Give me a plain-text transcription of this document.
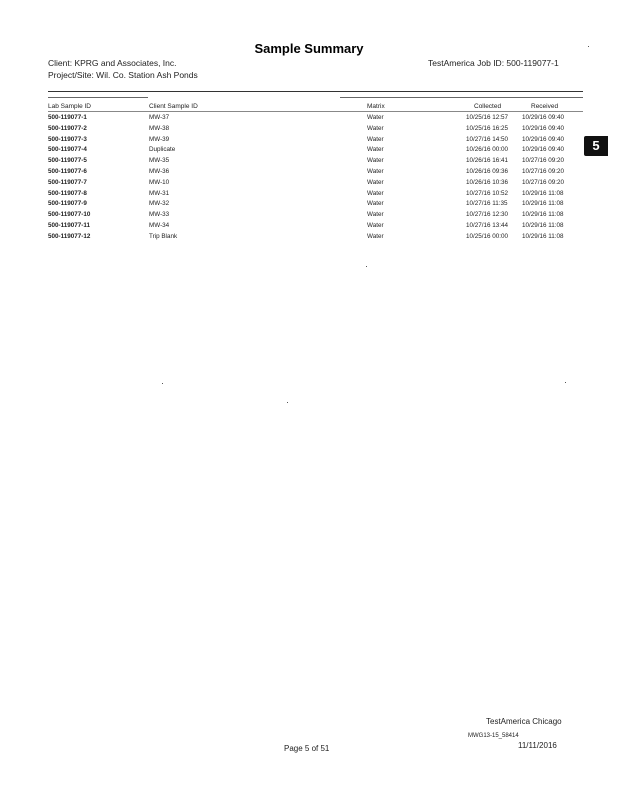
Sample Summary
Client: KPRG and Associates, Inc.
Project/Site: Wil. Co. Station Ash Ponds
TestAmerica Job ID: 500-119077-1
Lab Sample ID	Client Sample ID	Matrix	Collected	Received
500-119077-1	MW-37	Water	10/25/16 12:57 10/29/16 09:40
500-119077-2	MW-38	Water	10/25/16 16:25 10/29/16 09:40
500-119077-3	MW-39	Water	10/27/16 14:50 10/29/16 09:40
500-119077-4	Duplicate	Water	10/26/16 00:00 10/29/16 09:40
500-119077-5	MW-35	Water	10/26/16 16:41 10/27/16 09:20
500-119077-6	MW-36	Water	10/26/16 09:36 10/27/16 09:20
500-119077-7	MW-10	Water	10/26/16 10:36 10/27/16 09:20
500-119077-8	MW-31	Water	10/27/16 10:52 10/29/16 11:08
500-119077-9	MW-32	Water	10/27/16 11:35 10/29/16 11:08
500-119077-10	MW-33	Water	10/27/16 12:30 10/29/16 11:08
500-119077-11	MW-34	Water	10/27/16 13:44 10/29/16 11:08
500-119077-12	Trip Blank	Water	10/25/16 00:00 10/29/16 11:08
5
TestAmerica Chicago
MWG13-15_58414
Page 5 of 51	11/11/2016
